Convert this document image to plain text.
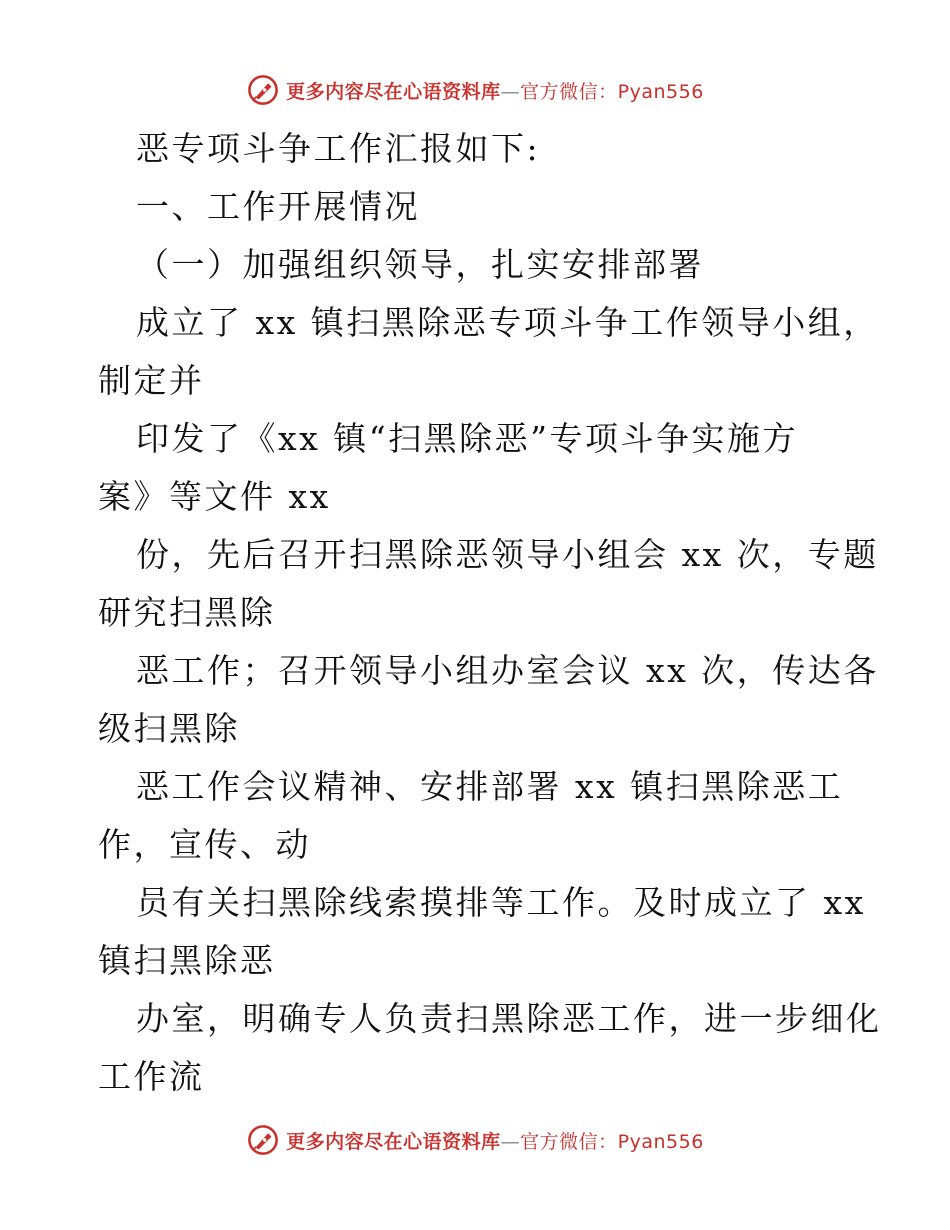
更多内容尽在心语资料库—官方微信：Pyan556
恶专项斗争工作汇报如下:
一、工作开展情况
（一）加强组织领导，扎实安排部署
成立了 xx 镇扫黑除恶专项斗争工作领导小组，
制定并
印发了《xx 镇“扫黑除恶”专项斗争实施方
案》等文件 xx
份，先后召开扫黑除恶领导小组会 xx 次，专题
研究扫黑除
恶工作；召开领导小组办室会议 xx 次，传达各
级扫黑除
恶工作会议精神、安排部署 xx 镇扫黑除恶工
作，宣传、动
员有关扫黑除线索摸排等工作。及时成立了 xx
镇扫黑除恶
办室，明确专人负责扫黑除恶工作，进一步细化
工作流
更多内容尽在心语资料库—官方微信：Pyan556
